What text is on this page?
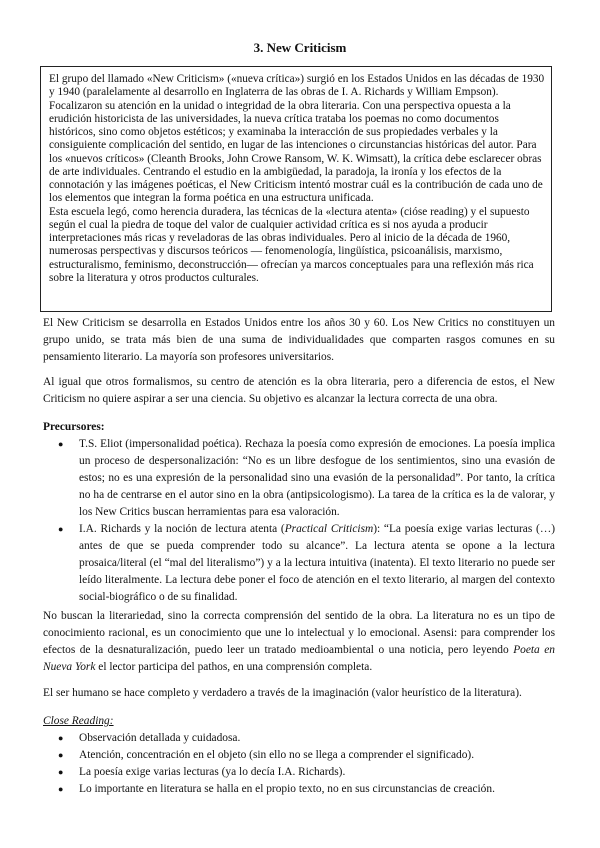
3. New Criticism

El grupo del llamado «New Criticism» («nueva crítica») surgió en los Estados Unidos en las décadas de 1930 y 1940 (paralelamente al desarrollo en Inglaterra de las obras de I. A. Richards y William Empson). Focalizaron su atención en la unidad o integridad de la obra literaria. Con una perspectiva opuesta a la erudición historicista de las universidades, la nueva crítica trataba los poemas no como documentos históricos, sino como objetos estéticos; y examinaba la interacción de sus propiedades verbales y la consiguiente complicación del sentido, en lugar de las intenciones o circunstancias históricas del autor. Para los «nuevos críticos» (Cleanth Brooks, John Crowe Ransom, W. K. Wimsatt), la crítica debe esclarecer obras de arte individuales. Centrando el estudio en la ambigüedad, la paradoja, la ironía y los efectos de la connotación y las imágenes poéticas, el New Criticism intentó mostrar cuál es la contribución de cada uno de los elementos que integran la forma poética en una estructura unificada.

Esta escuela legó, como herencia duradera, las técnicas de la «lectura atenta» (cióse reading) y el supuesto según el cual la piedra de toque del valor de cualquier actividad crítica es si nos ayuda a producir interpretaciones más ricas y reveladoras de las obras individuales. Pero al inicio de la década de 1960, numerosas perspectivas y discursos teóricos — fenomenología, lingüística, psicoanálisis, marxismo, estructuralismo, feminismo, deconstrucción— ofrecían ya marcos conceptuales para una reflexión más rica sobre la literatura y otros productos culturales.

El New Criticism se desarrolla en Estados Unidos entre los años 30 y 60. Los New Critics no constituyen un grupo unido, se trata más bien de una suma de individualidades que comparten rasgos comunes en su pensamiento literario. La mayoría son profesores universitarios.

Al igual que otros formalismos, su centro de atención es la obra literaria, pero a diferencia de estos, el New Criticism no quiere aspirar a ser una ciencia. Su objetivo es alcanzar la lectura correcta de una obra.

Precursores:

● T.S. Eliot (impersonalidad poética). Rechaza la poesía como expresión de emociones. La poesía implica un proceso de despersonalización: “No es un libre desfogue de los sentimientos, sino una evasión de estos; no es una expresión de la personalidad sino una evasión de la personalidad”. Por tanto, la crítica no ha de centrarse en el autor sino en la obra (antipsicologismo). La tarea de la crítica es la de valorar, y los New Critics buscan herramientas para esa valoración.
● I.A. Richards y la noción de lectura atenta (Practical Criticism): “La poesía exige varias lecturas (…) antes de que se pueda comprender todo su alcance”. La lectura atenta se opone a la lectura prosaica/literal (el “mal del literalismo”) y a la lectura intuitiva (inatenta). El texto literario no puede ser leído literalmente. La lectura debe poner el foco de atención en el texto literario, al margen del contexto social-biográfico o de su finalidad.

No buscan la literariedad, sino la correcta comprensión del sentido de la obra. La literatura no es un tipo de conocimiento racional, es un conocimiento que une lo intelectual y lo emocional. Asensi: para comprender los efectos de la desnaturalización, puedo leer un tratado medioambiental o una noticia, pero leyendo Poeta en Nueva York el lector participa del pathos, en una comprensión completa.

El ser humano se hace completo y verdadero a través de la imaginación (valor heurístico de la literatura).

Close Reading:

● Observación detallada y cuidadosa.
● Atención, concentración en el objeto (sin ello no se llega a comprender el significado).
● La poesía exige varias lecturas (ya lo decía I.A. Richards).
● Lo importante en literatura se halla en el propio texto, no en sus circunstancias de creación.
